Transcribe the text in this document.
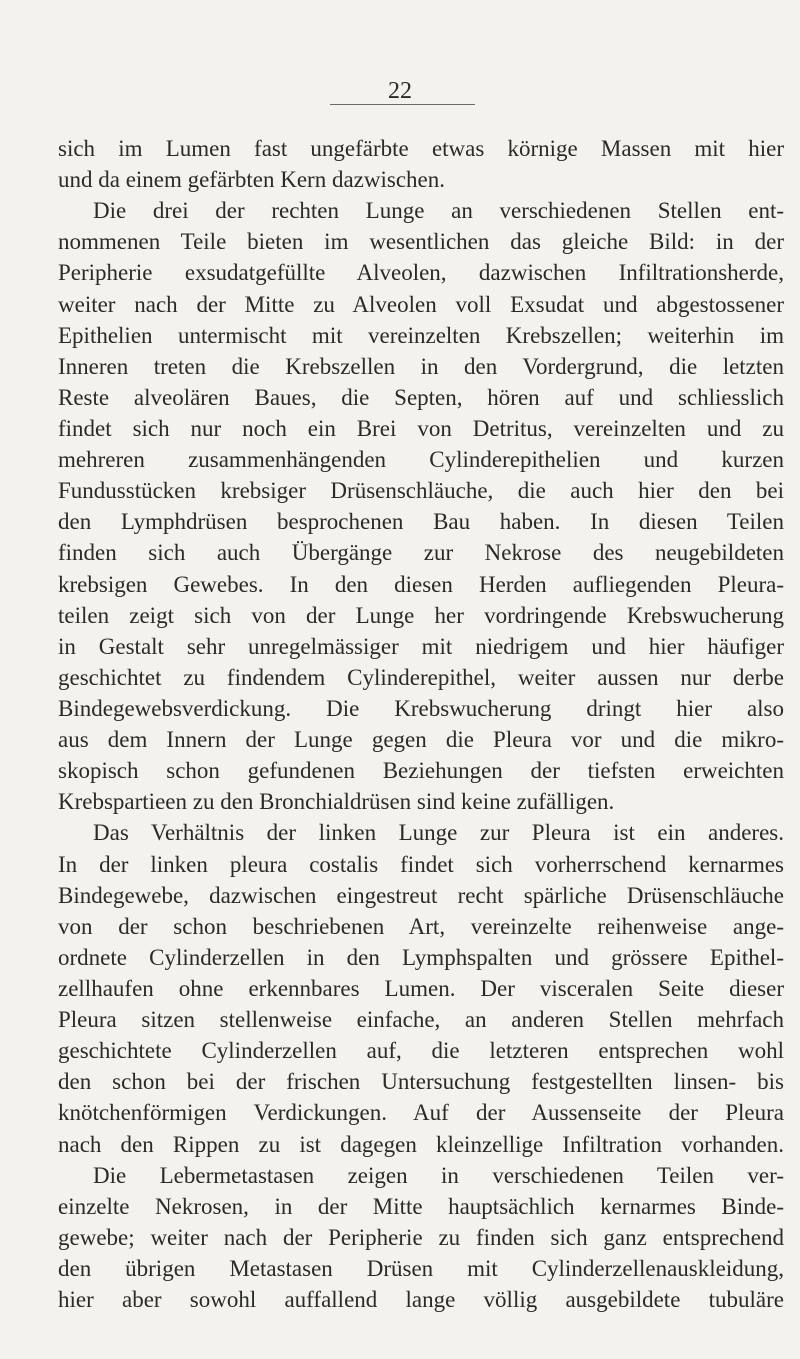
22
sich im Lumen fast ungefärbte etwas körnige Massen mit hier
und da einem gefärbten Kern dazwischen.
Die drei der rechten Lunge an verschiedenen Stellen ent-
nommenen Teile bieten im wesentlichen das gleiche Bild: in der
Peripherie exsudatgefüllte Alveolen, dazwischen Infiltrationsherde,
weiter nach der Mitte zu Alveolen voll Exsudat und abgestossener
Epithelien untermischt mit vereinzelten Krebszellen; weiterhin im
Inneren treten die Krebszellen in den Vordergrund, die letzten
Reste alveolären Baues, die Septen, hören auf und schliesslich
findet sich nur noch ein Brei von Detritus, vereinzelten und zu
mehreren zusammenhängenden Cylinderepithelien und kurzen
Fundusstücken krebsiger Drüsenschläuche, die auch hier den bei
den Lymphdrüsen besprochenen Bau haben. In diesen Teilen
finden sich auch Übergänge zur Nekrose des neugebildeten
krebsigen Gewebes. In den diesen Herden aufliegenden Pleura-
teilen zeigt sich von der Lunge her vordringende Krebswucherung
in Gestalt sehr unregelmässiger mit niedrigem und hier häufiger
geschichtet zu findendem Cylinderepithel, weiter aussen nur derbe
Bindegewebsverdickung. Die Krebswucherung dringt hier also
aus dem Innern der Lunge gegen die Pleura vor und die mikro-
skopisch schon gefundenen Beziehungen der tiefsten erweichten
Krebspartieen zu den Bronchialdrüsen sind keine zufälligen.
Das Verhältnis der linken Lunge zur Pleura ist ein anderes.
In der linken pleura costalis findet sich vorherrschend kernarmes
Bindegewebe, dazwischen eingestreut recht spärliche Drüsenschläuche
von der schon beschriebenen Art, vereinzelte reihenweise ange-
ordnete Cylinderzellen in den Lymphspalten und grössere Epithel-
zellhaufen ohne erkennbares Lumen. Der visceralen Seite dieser
Pleura sitzen stellenweise einfache, an anderen Stellen mehrfach
geschichtete Cylinderzellen auf, die letzteren entsprechen wohl
den schon bei der frischen Untersuchung festgestellten linsen- bis
knötchenförmigen Verdickungen. Auf der Aussenseite der Pleura
nach den Rippen zu ist dagegen kleinzellige Infiltration vorhanden.
Die Lebermetastasen zeigen in verschiedenen Teilen ver-
einzelte Nekrosen, in der Mitte hauptsächlich kernarmes Binde-
gewebe; weiter nach der Peripherie zu finden sich ganz entsprechend
den übrigen Metastasen Drüsen mit Cylinderzellenauskleidung,
hier aber sowohl auffallend lange völlig ausgebildete tubuläre
